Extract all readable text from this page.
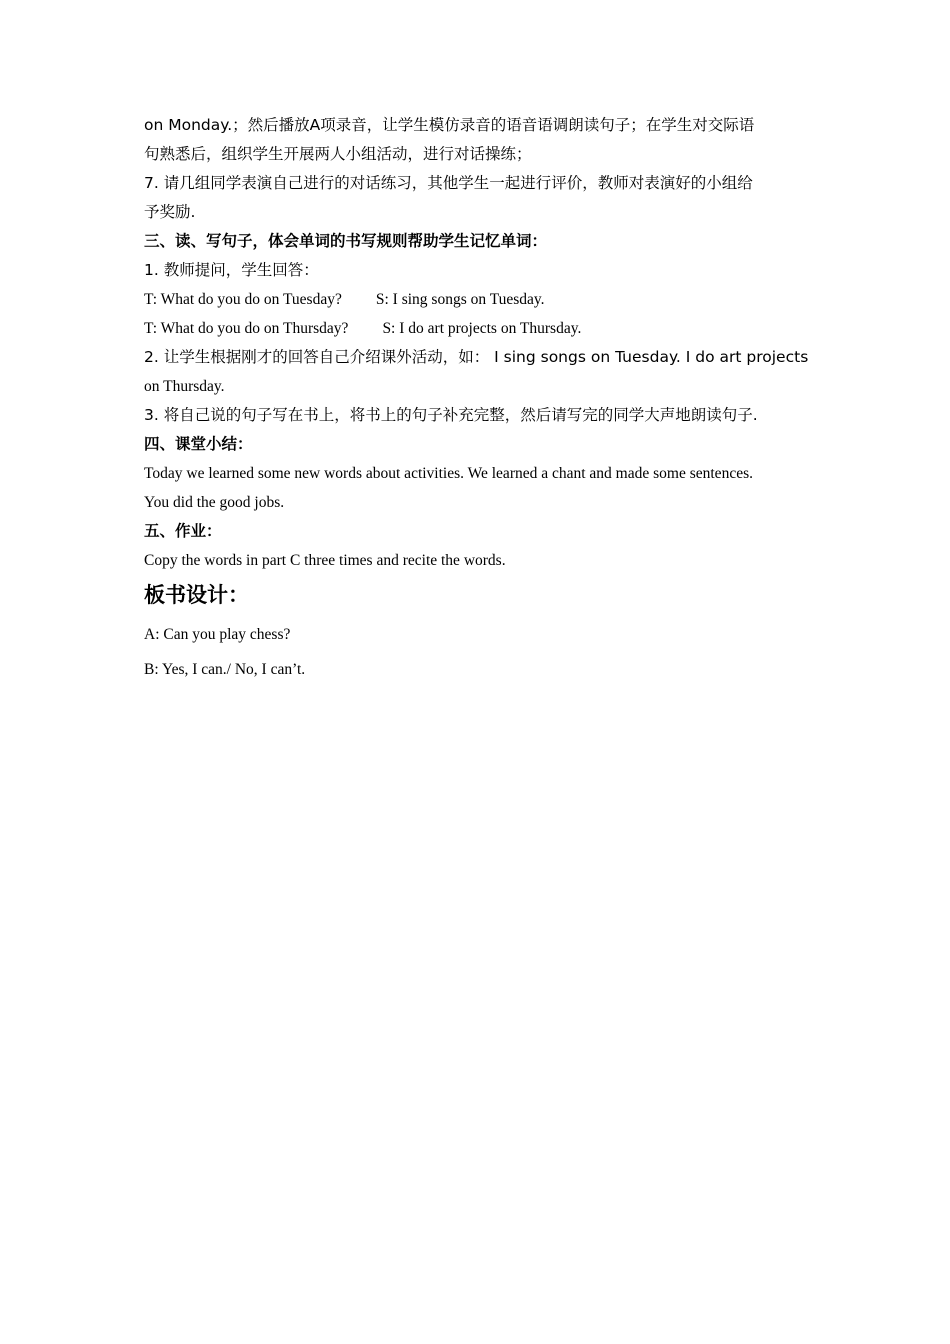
on Monday.；然后播放A项录音，让学生模仿录音的语音语调朗读句子；在学生对交际语
句熟悉后，组织学生开展两人小组活动，进行对话操练；
7. 请几组同学表演自己进行的对话练习，其他学生一起进行评价，教师对表演好的小组给
予奖励.
三、读、写句子，体会单词的书写规则帮助学生记忆单词：
1. 教师提问，学生回答：
T: What do you do on Tuesday? S: I sing songs on Tuesday.
T: What do you do on Thursday? S: I do art projects on Thursday.
2. 让学生根据刚才的回答自己介绍课外活动，如： I sing songs on Tuesday. I do art projects
on Thursday.
3. 将自己说的句子写在书上，将书上的句子补充完整，然后请写完的同学大声地朗读句子.
四、课堂小结：
Today we learned some new words about activities. We learned a chant and made some sentences.
You did the good jobs.
五、作业：
Copy the words in part C three times and recite the words.
板书设计：
A: Can you play chess?
B: Yes, I can./ No, I can’t.
